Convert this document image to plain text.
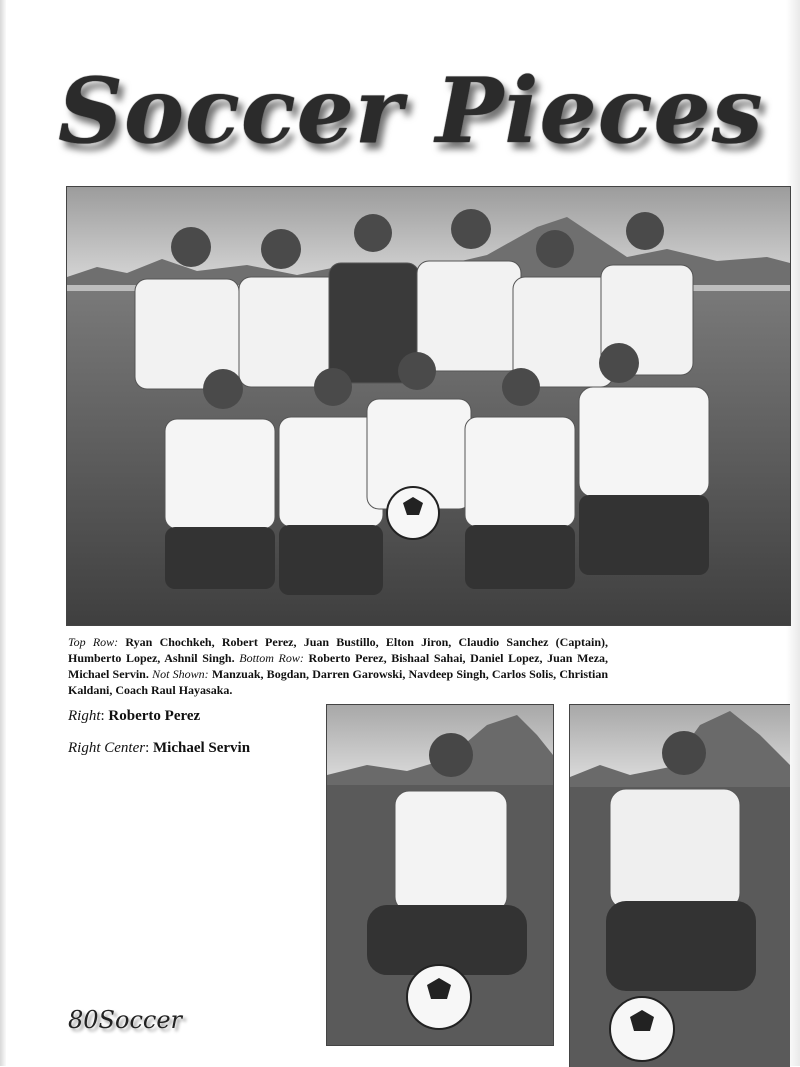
Soccer Pieces
Top Row: Ryan Chochkeh, Robert Perez, Juan Bustillo, Elton Jiron, Claudio Sanchez (Captain), Humberto Lopez, Ashnil Singh. Bottom Row: Roberto Perez, Bishaal Sahai, Daniel Lopez, Juan Meza, Michael Servin. Not Shown: Manzuak, Bogdan, Darren Garowski, Navdeep Singh, Carlos Solis, Christian Kaldani, Coach Raul Hayasaka.
Right: Roberto Perez
Right Center: Michael Servin
80Soccer
